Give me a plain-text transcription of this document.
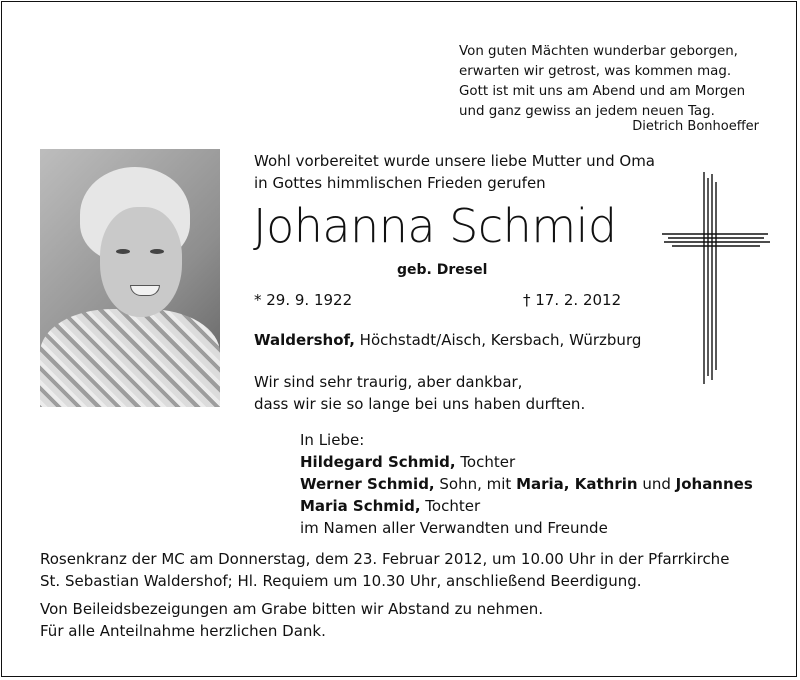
Von guten Mächten wunderbar geborgen,
erwarten wir getrost, was kommen mag.
Gott ist mit uns am Abend und am Morgen
und ganz gewiss an jedem neuen Tag.
Dietrich Bonhoeffer
Wohl vorbereitet wurde unsere liebe Mutter und Oma
in Gottes himmlischen Frieden gerufen
Johanna Schmid
geb. Dresel
* 29. 9. 1922	† 17. 2. 2012
Waldershof, Höchstadt/Aisch, Kersbach, Würzburg
Wir sind sehr traurig, aber dankbar,
dass wir sie so lange bei uns haben durften.
In Liebe:
Hildegard Schmid, Tochter
Werner Schmid, Sohn, mit Maria, Kathrin und Johannes
Maria Schmid, Tochter
im Namen aller Verwandten und Freunde
Rosenkranz der MC am Donnerstag, dem 23. Februar 2012, um 10.00 Uhr in der Pfarrkirche
St. Sebastian Waldershof; Hl. Requiem um 10.30 Uhr, anschließend Beerdigung.
Von Beileidsbezeigungen am Grabe bitten wir Abstand zu nehmen.
Für alle Anteilnahme herzlichen Dank.
